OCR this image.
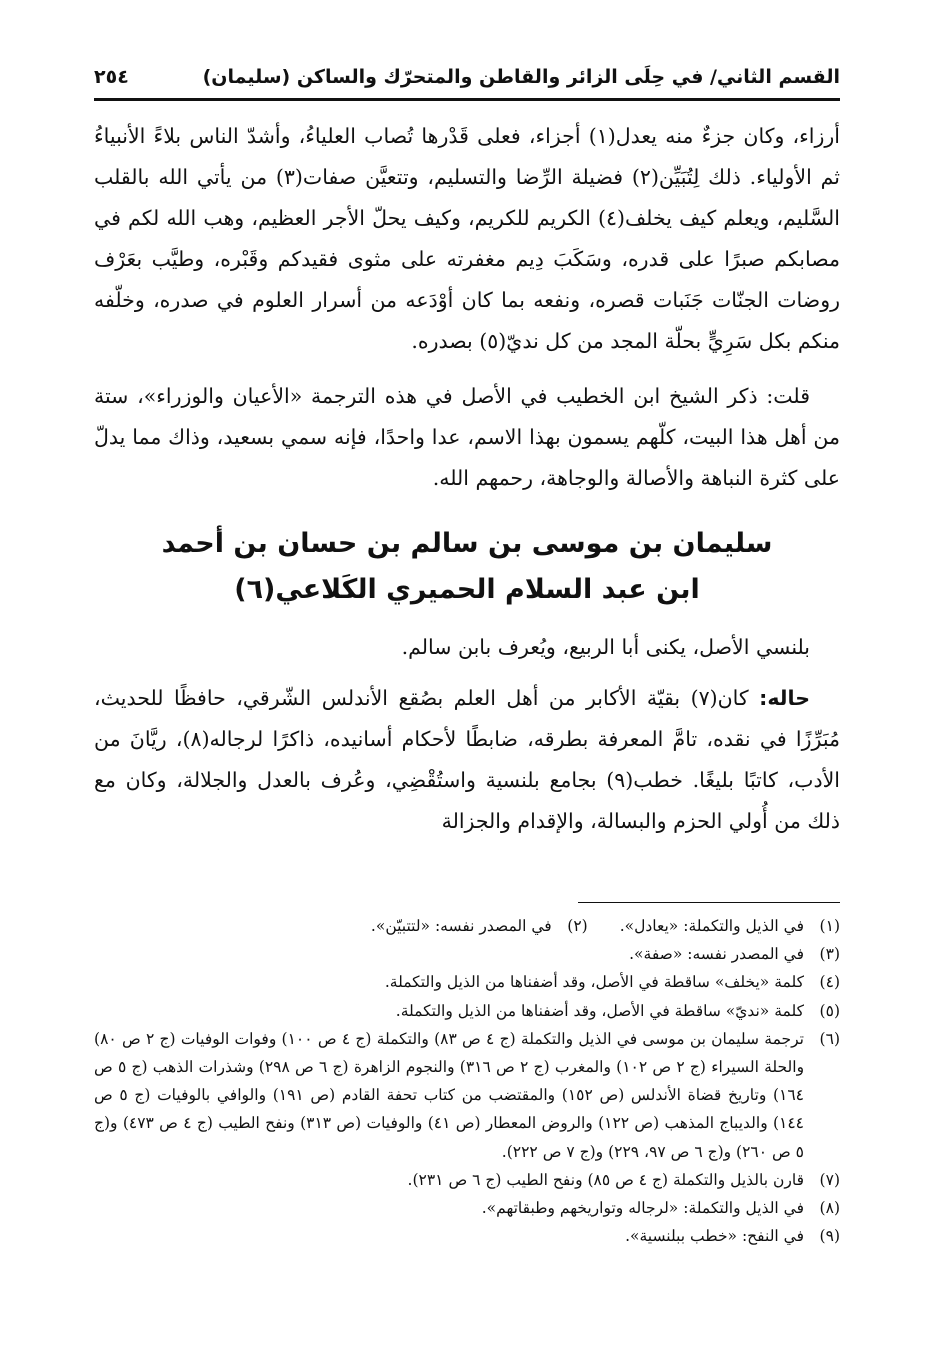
القسم الثاني/ في حِلَى الزائر والقاطن والمتحرّك والساكن (سليمان)
٢٥٤

أرزاء، وكان جزءٌ منه يعدل(١) أجزاء، فعلى قَدْرها تُصاب العلياءُ، وأشدّ الناس بلاءً الأنبياءُ ثم الأولياء. ذلك لِتُبَيِّن(٢) فضيلة الرِّضا والتسليم، وتتعيَّن صفات(٣) من يأتي الله بالقلب السَّليم، ويعلم كيف يخلف(٤) الكريم للكريم، وكيف يحلّ الأجر العظيم، وهب الله لكم في مصابكم صبرًا على قدره، وسَكَبَ دِيم مغفرته على مثوى فقيدكم وقَبْره، وطيَّب بعَرْف روضات الجنّات جَنَبات قصره، ونفعه بما كان أوْدَعه من أسرار العلوم في صدره، وخلّفه منكم بكل سَرِيٍّ بحلّة المجد من كل نديّ(٥) بصدره.

قلت: ذكر الشيخ ابن الخطيب في الأصل في هذه الترجمة «الأعيان والوزراء»، ستة من أهل هذا البيت، كلّهم يسمون بهذا الاسم، عدا واحدًا، فإنه سمي بسعيد، وذاك مما يدلّ على كثرة النباهة والأصالة والوجاهة، رحمهم الله.

سليمان بن موسى بن سالم بن حسان بن أحمد
ابن عبد السلام الحميري الكَلاعي(٦)

بلنسي الأصل، يكنى أبا الربيع، ويُعرف بابن سالم.

حاله: كان(٧) بقيّة الأكابر من أهل العلم بصُقع الأندلس الشّرقي، حافظًا للحديث، مُبَرِّزًا في نقده، تامَّ المعرفة بطرقه، ضابطًا لأحكام أسانيده، ذاكرًا لرجاله(٨)، ريَّانَ من الأدب، كاتبًا بليغًا. خطب(٩) بجامع بلنسية واستُقْضِي، وعُرف بالعدل والجلالة، وكان مع ذلك من أُولي الحزم والبسالة، والإقدام والجزالة

(١)
في الذيل والتكملة: «يعادل».
(٢)
في المصدر نفسه: «لتتبيّن».
(٣)
في المصدر نفسه: «صفة».
(٤)
كلمة «يخلف» ساقطة في الأصل، وقد أضفناها من الذيل والتكملة.
(٥)
كلمة «نديّ» ساقطة في الأصل، وقد أضفناها من الذيل والتكملة.
(٦)
ترجمة سليمان بن موسى في الذيل والتكملة (ج ٤ ص ٨٣) والتكملة (ج ٤ ص ١٠٠) وفوات الوفيات (ج ٢ ص ٨٠) والحلة السيراء (ج ٢ ص ١٠٢) والمغرب (ج ٢ ص ٣١٦) والنجوم الزاهرة (ج ٦ ص ٢٩٨) وشذرات الذهب (ج ٥ ص ١٦٤) وتاريخ قضاة الأندلس (ص ١٥٢) والمقتضب من كتاب تحفة القادم (ص ١٩١) والوافي بالوفيات (ج ٥ ص ١٤٤) والديباج المذهب (ص ١٢٢) والروض المعطار (ص ٤١) والوفيات (ص ٣١٣) ونفح الطيب (ج ٤ ص ٤٧٣) و(ج ٥ ص ٢٦٠) و(ج ٦ ص ٩٧، ٢٢٩) و(ج ٧ ص ٢٢٢).
(٧)
قارن بالذيل والتكملة (ج ٤ ص ٨٥) ونفح الطيب (ج ٦ ص ٢٣١).
(٨)
في الذيل والتكملة: «لرجاله وتواريخهم وطبقاتهم».
(٩)
في النفح: «خطب ببلنسية».
